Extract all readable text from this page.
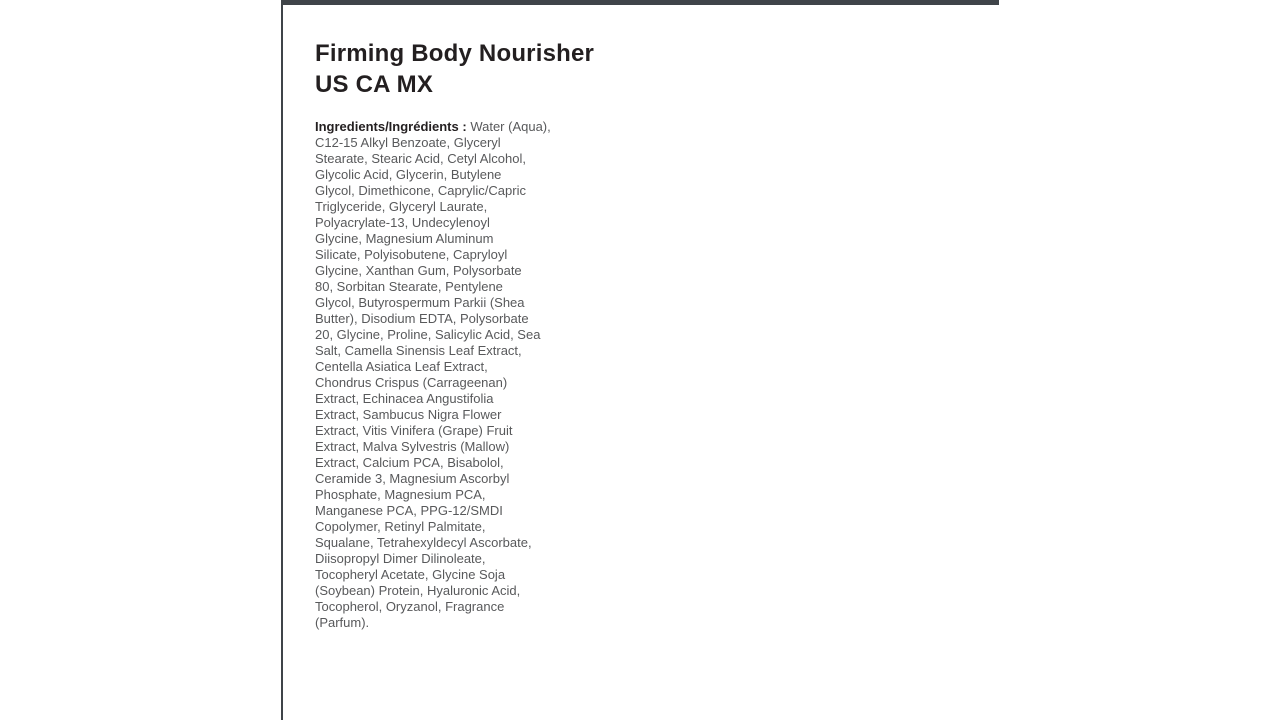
Firming Body Nourisher
US CA MX
Ingredients/Ingrédients : Water (Aqua),
C12-15 Alkyl Benzoate, Glyceryl
Stearate, Stearic Acid, Cetyl Alcohol,
Glycolic Acid, Glycerin, Butylene
Glycol, Dimethicone, Caprylic/Capric
Triglyceride, Glyceryl Laurate,
Polyacrylate-13, Undecylenoyl
Glycine, Magnesium Aluminum
Silicate, Polyisobutene, Capryloyl
Glycine, Xanthan Gum, Polysorbate
80, Sorbitan Stearate, Pentylene
Glycol, Butyrospermum Parkii (Shea
Butter), Disodium EDTA, Polysorbate
20, Glycine, Proline, Salicylic Acid, Sea
Salt, Camella Sinensis Leaf Extract,
Centella Asiatica Leaf Extract,
Chondrus Crispus (Carrageenan)
Extract, Echinacea Angustifolia
Extract, Sambucus Nigra Flower
Extract, Vitis Vinifera (Grape) Fruit
Extract, Malva Sylvestris (Mallow)
Extract, Calcium PCA, Bisabolol,
Ceramide 3, Magnesium Ascorbyl
Phosphate, Magnesium PCA,
Manganese PCA, PPG-12/SMDI
Copolymer, Retinyl Palmitate,
Squalane, Tetrahexyldecyl Ascorbate,
Diisopropyl Dimer Dilinoleate,
Tocopheryl Acetate, Glycine Soja
(Soybean) Protein, Hyaluronic Acid,
Tocopherol, Oryzanol, Fragrance
(Parfum).
